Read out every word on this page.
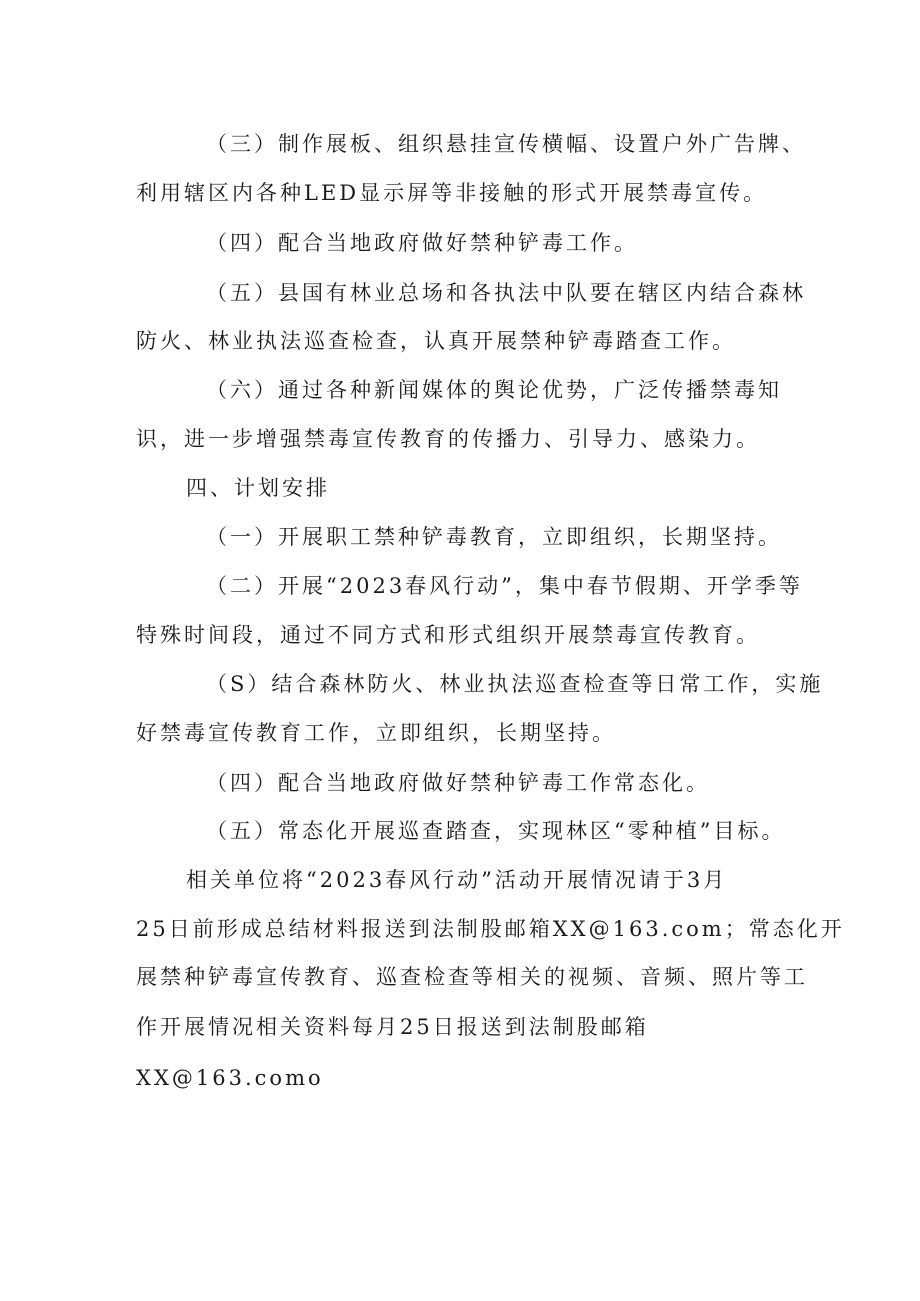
（三）制作展板、组织悬挂宣传横幅、设置户外广告牌、
利用辖区内各种LED显示屏等非接触的形式开展禁毒宣传。
（四）配合当地政府做好禁种铲毒工作。
（五）县国有林业总场和各执法中队要在辖区内结合森林
防火、林业执法巡查检查，认真开展禁种铲毒踏查工作。
（六）通过各种新闻媒体的舆论优势，广泛传播禁毒知
识，进一步增强禁毒宣传教育的传播力、引导力、感染力。
四、计划安排
（一）开展职工禁种铲毒教育，立即组织，长期坚持。
（二）开展“2023春风行动”，集中春节假期、开学季等
特殊时间段，通过不同方式和形式组织开展禁毒宣传教育。
（S）结合森林防火、林业执法巡查检查等日常工作，实施
好禁毒宣传教育工作，立即组织，长期坚持。
（四）配合当地政府做好禁种铲毒工作常态化。
（五）常态化开展巡查踏查，实现林区“零种植”目标。
相关单位将“2023春风行动”活动开展情况请于3月
25日前形成总结材料报送到法制股邮箱XX@163.com；常态化开
展禁种铲毒宣传教育、巡查检查等相关的视频、音频、照片等工
作开展情况相关资料每月25日报送到法制股邮箱
XX@163.como
